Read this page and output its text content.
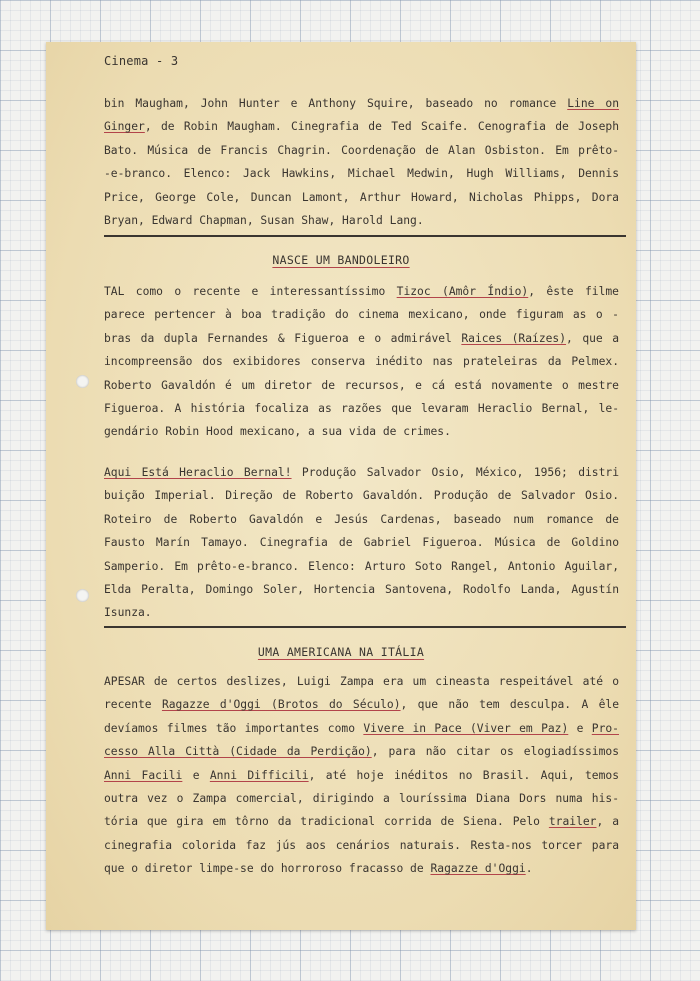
Cinema - 3
bin Maugham, John Hunter e Anthony Squire, baseado no romance Line on
Ginger, de Robin Maugham. Cinegrafia de Ted Scaife. Cenografia de Joseph
Bato. Música de Francis Chagrin. Coordenação de Alan Osbiston. Em prêto-
-e-branco. Elenco: Jack Hawkins, Michael Medwin, Hugh Williams, Dennis
Price, George Cole, Duncan Lamont, Arthur Howard, Nicholas Phipps, Dora
Bryan, Edward Chapman, Susan Shaw, Harold Lang.
NASCE UM BANDOLEIRO
TAL como o recente e interessantíssimo Tizoc (Amôr Índio), êste filme
parece pertencer à boa tradição do cinema mexicano, onde figuram as o -
bras da dupla Fernandes & Figueroa e o admirável Raices (Raízes), que a
incompreensão dos exibidores conserva inédito nas prateleiras da Pelmex.
Roberto Gavaldón é um diretor de recursos, e cá está novamente o mestre
Figueroa. A história focaliza as razões que levaram Heraclio Bernal, le-
gendário Robin Hood mexicano, a sua vida de crimes.
Aqui Está Heraclio Bernal! Produção Salvador Osio, México, 1956; distri
buição Imperial. Direção de Roberto Gavaldón. Produção de Salvador Osio.
Roteiro de Roberto Gavaldón e Jesús Cardenas, baseado num romance de
Fausto Marín Tamayo. Cinegrafia de Gabriel Figueroa. Música de Goldino
Samperio. Em prêto-e-branco. Elenco: Arturo Soto Rangel, Antonio Aguilar,
Elda Peralta, Domingo Soler, Hortencia Santovena, Rodolfo Landa, Agustín
Isunza.
UMA AMERICANA NA ITÁLIA
APESAR de certos deslizes, Luigi Zampa era um cineasta respeitável até o
recente Ragazze d'Oggi (Brotos do Século), que não tem desculpa. A êle
devíamos filmes tão importantes como Vivere in Pace (Viver em Paz) e Pro-
cesso Alla Città (Cidade da Perdição), para não citar os elogiadíssimos
Anni Facili e Anni Difficili, até hoje inéditos no Brasil. Aqui, temos
outra vez o Zampa comercial, dirigindo a louríssima Diana Dors numa his-
tória que gira em tôrno da tradicional corrida de Siena. Pelo trailer, a
cinegrafia colorida faz jús aos cenários naturais. Resta-nos torcer para
que o diretor limpe-se do horroroso fracasso de Ragazze d'Oggi.
